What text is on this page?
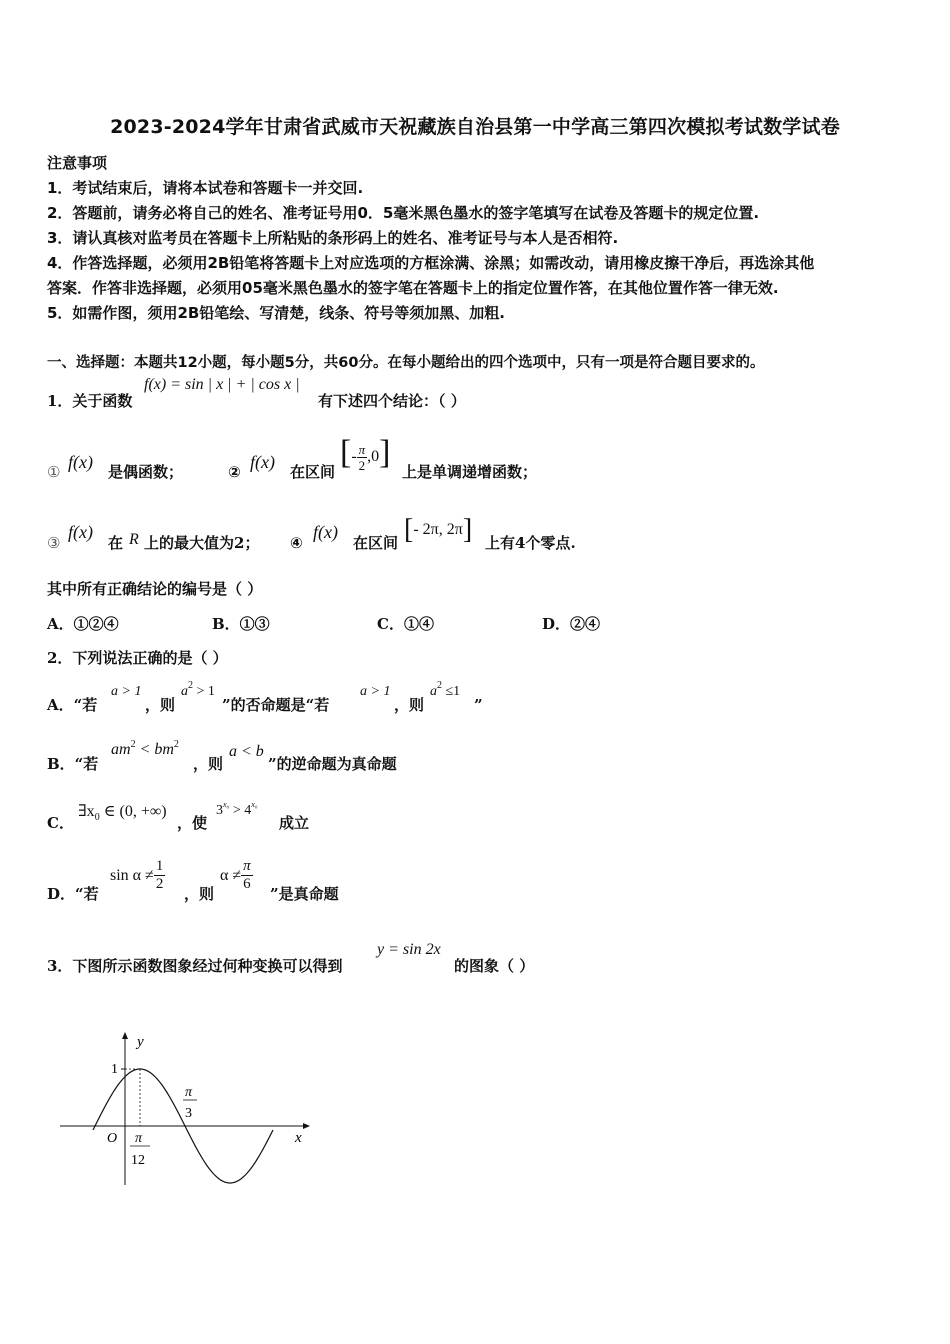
2023-2024学年甘肃省武威市天祝藏族自治县第一中学高三第四次模拟考试数学试卷
注意事项
1．考试结束后，请将本试卷和答题卡一并交回.
2．答题前，请务必将自己的姓名、准考证号用0．5毫米黑色墨水的签字笔填写在试卷及答题卡的规定位置.
3．请认真核对监考员在答题卡上所粘贴的条形码上的姓名、准考证号与本人是否相符.
4．作答选择题，必须用2B铅笔将答题卡上对应选项的方框涂满、涂黑；如需改动，请用橡皮擦干净后，再选涂其他
答案．作答非选择题，必须用05毫米黑色墨水的签字笔在答题卡上的指定位置作答，在其他位置作答一律无效.
5．如需作图，须用2B铅笔绘、写清楚，线条、符号等须加黑、加粗.
一、选择题：本题共12小题，每小题5分，共60分。在每小题给出的四个选项中，只有一项是符合题目要求的。
1．关于函数
f(x) = sin | x | + | cos x |
有下述四个结论：（ ）
① f(x) 是偶函数；	② f(x) 在区间
[- $\frac{\pi}{2} ,0$]
上是单调递增函数；
③
f(x)
在 R 上的最大值为2； ④
f(x)
在区间 [- 2π, 2π] 上有4个零点.
其中所有正确结论的编号是（ ）
A．①②④	B．①③	C．①④	D．②④
2．下列说法正确的是（ ）
A．“若
a > 1
，则
$a^2 > 1$
”的否命题是“若
a > 1
，则
$a^2 \le 1$
”
B．“若
$am^2 < bm^2$
，则
a < b
”的逆命题为真命题
C．
$\exists x_0$ ∈ (0, +∞)
，使
$3^{x_0} > 4^{x_0}$
成立
D．“若
$\sin \alpha \ne \frac{1}{2}$
，则
$\alpha \ne \frac{\pi}{6}$
”是真命题
3．下图所示函数图象经过何种变换可以得到
y = sin 2x
的图象（ ）
y
x
O
1
π
3
π
12
